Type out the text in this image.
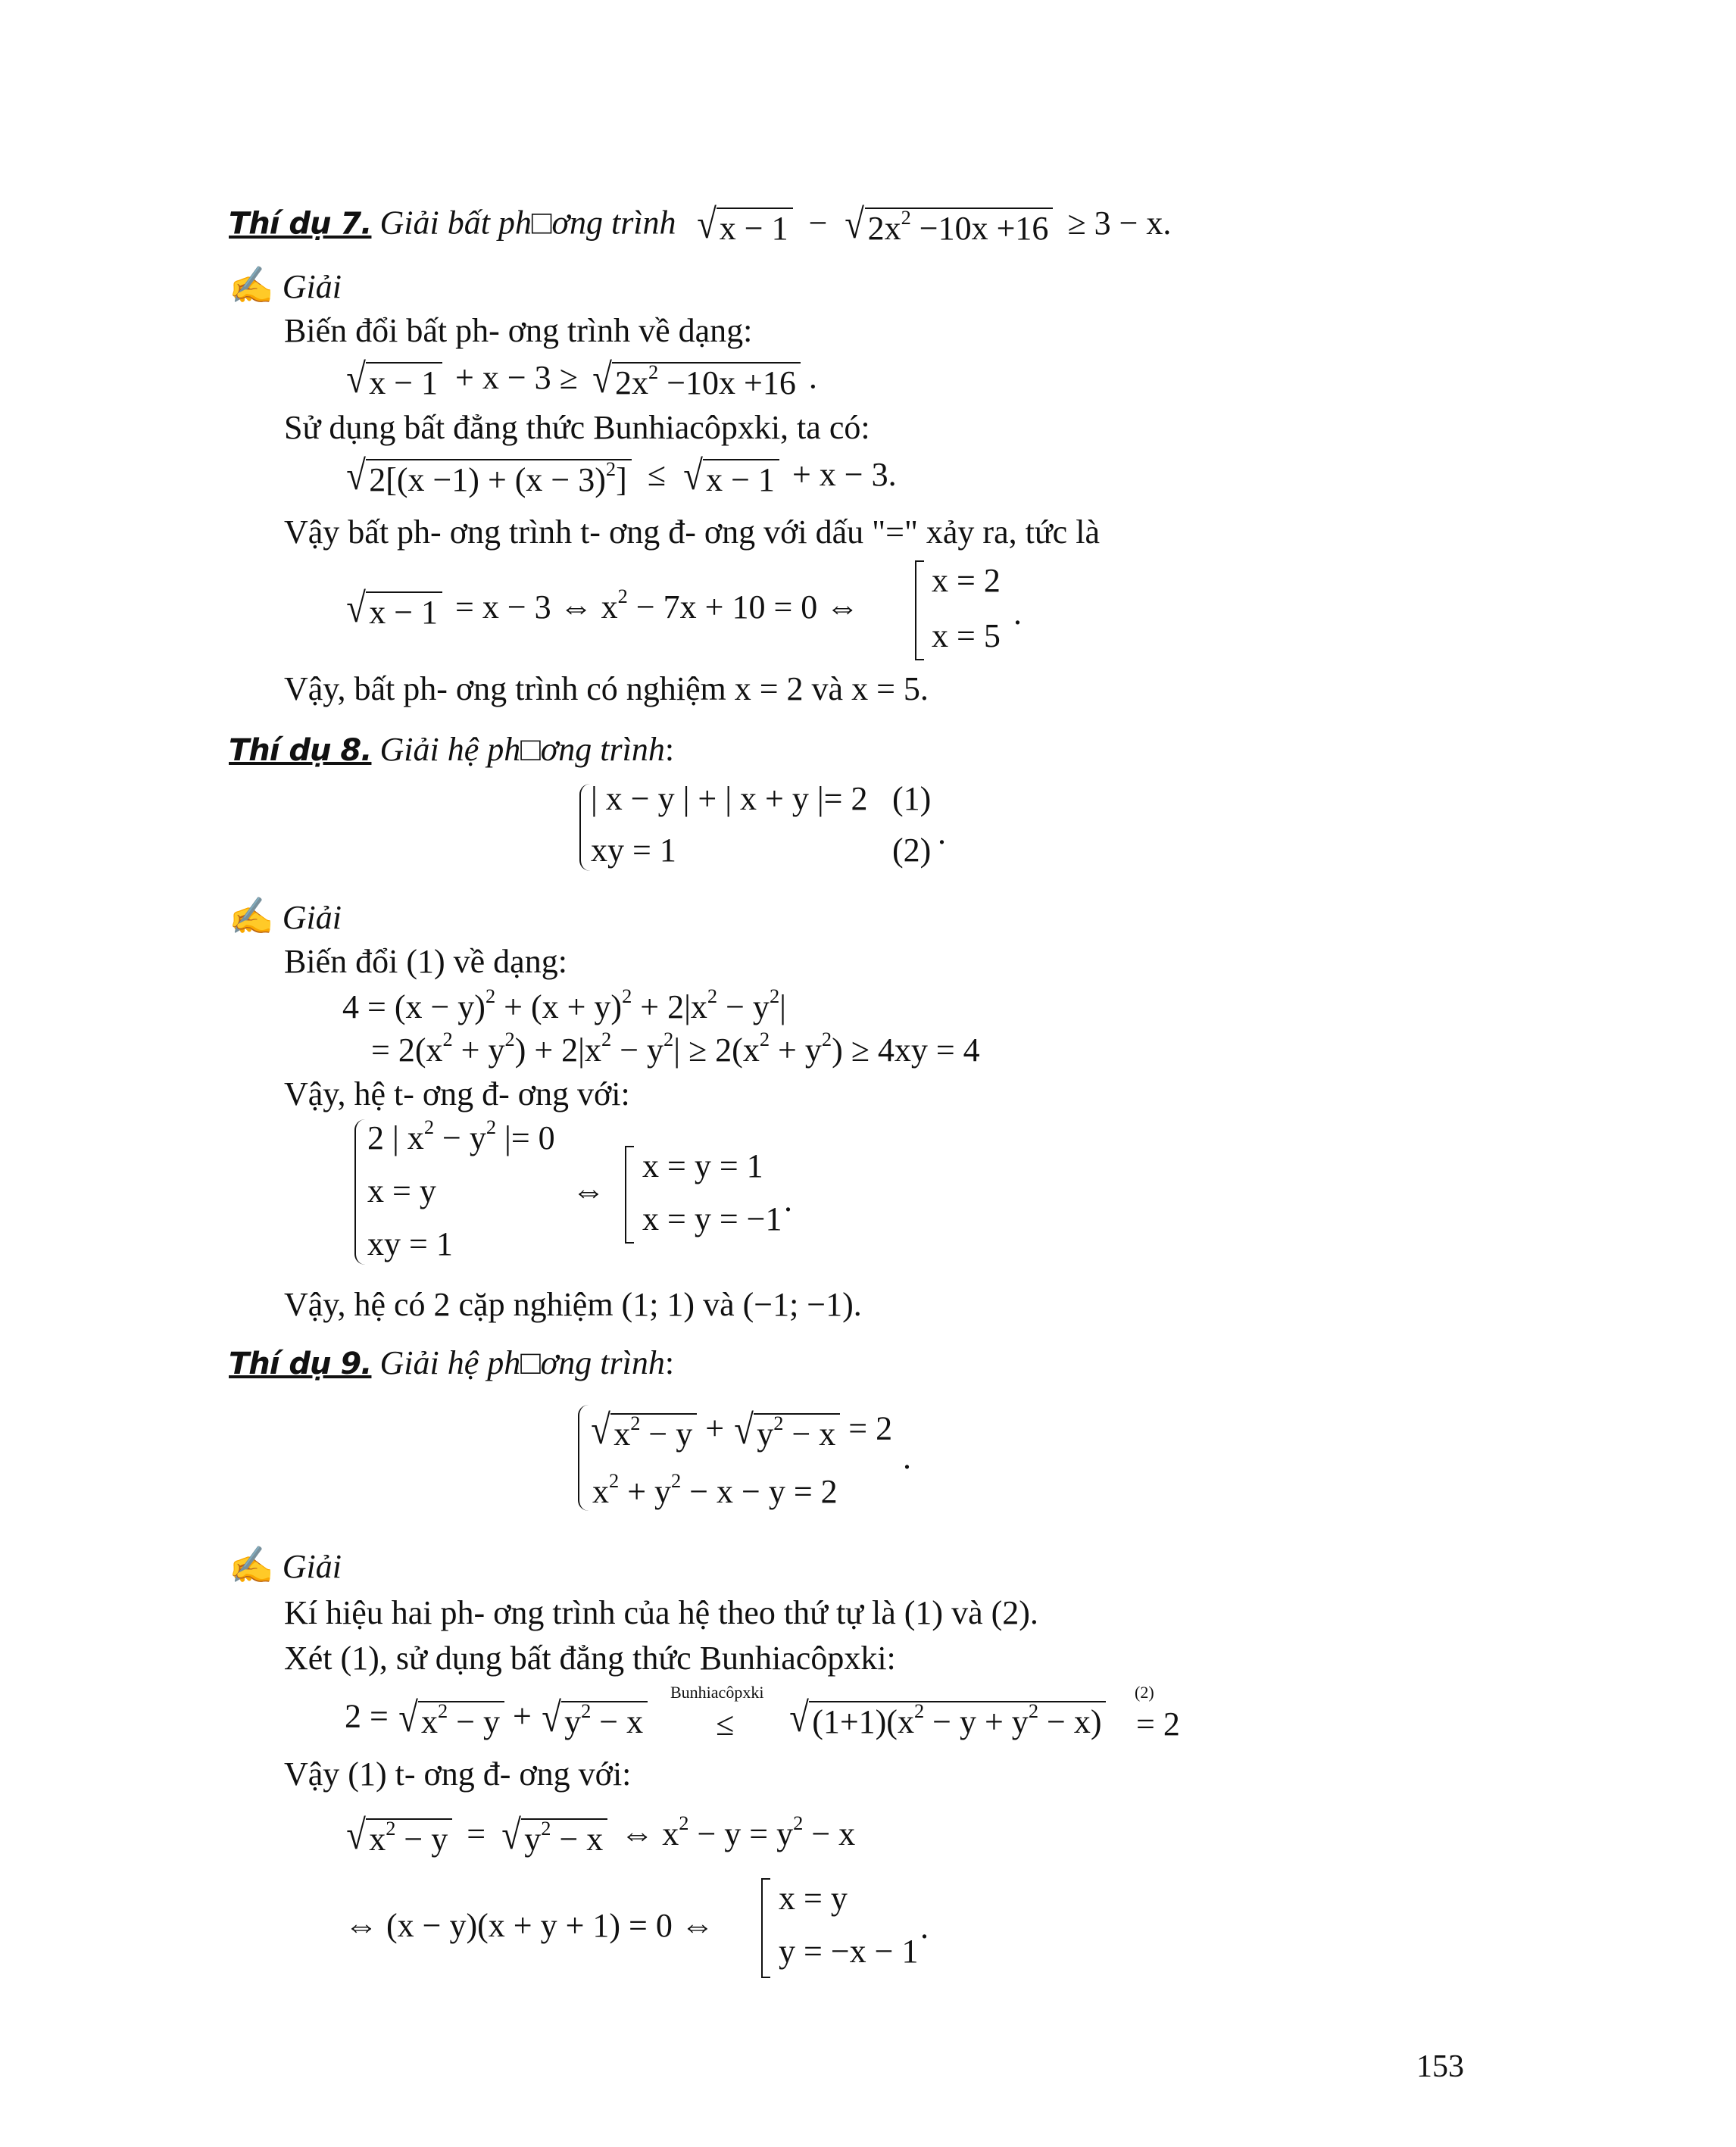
Thí dụ 7. Giải bất ph□ơng trình √ x − 1 − √ $2x^2 -10x +16 \ge 3 - x$.
✍ Giải
Biến đổi bất ph- ơng trình về dạng:
√ x − 1 + x − 3 ≥ √ $2x^2 -10x +16$ .
Sử dụng bất đẳng thức Bunhiacôpxki, ta có:
√ $2[(x -1) + (x - 3)^2]$ ≤ √ x − 1 + x − 3.
Vậy bất ph- ơng trình t- ơng đ- ơng với dấu "=" xảy ra, tức là
√ x − 1 = x − 3 ⇔ $x^2 - 7x + 10 = 0$ ⇔
x = 2
x = 5
.
Vậy, bất ph- ơng trình có nghiệm x = 2 và x = 5.
Thí dụ 8. Giải hệ ph□ơng trình:
| x − y | + | x + y |= 2 (1)
xy = 1	(2) .
✍ Giải
Biến đổi (1) về dạng:
$4 = (x - y)^2 + (x + y)^2 + 2|x^2 - y^2|$
= $2(x^2 + y^2) + 2|x^2 - y^2| \ge 2(x^2 + y^2) \ge 4xy = 4$
Vậy, hệ t- ơng đ- ơng với:
2 | $x^2 - y^2$ |= 0
x = y
xy = 1
⇔
x = y = 1
x = y = −1
.
Vậy, hệ có 2 cặp nghiệm (1; 1) và (−1; −1).
Thí dụ 9. Giải hệ ph□ơng trình:
√ $x^2 - y$ + √ $y^2 - x = 2$
$x^2 + y^2 - x - y = 2$
.
✍ Giải
Kí hiệu hai ph- ơng trình của hệ theo thứ tự là (1) và (2).
Xét (1), sử dụng bất đẳng thức Bunhiacôpxki:
2 = √ $x^2 - y$ + √ $y^2 - x$
Bunhiacôpxki
≤ √ $(1+1)(x^2 - y + y^2 - x)$
(2)
= 2
Vậy (1) t- ơng đ- ơng với:
√ $x^2 - y$ = √ $y^2 - x$ ⇔ $x^2 - y = y^2 - x$
⇔ (x − y)(x + y + 1) = 0 ⇔
x = y
y = −x − 1
.
153
